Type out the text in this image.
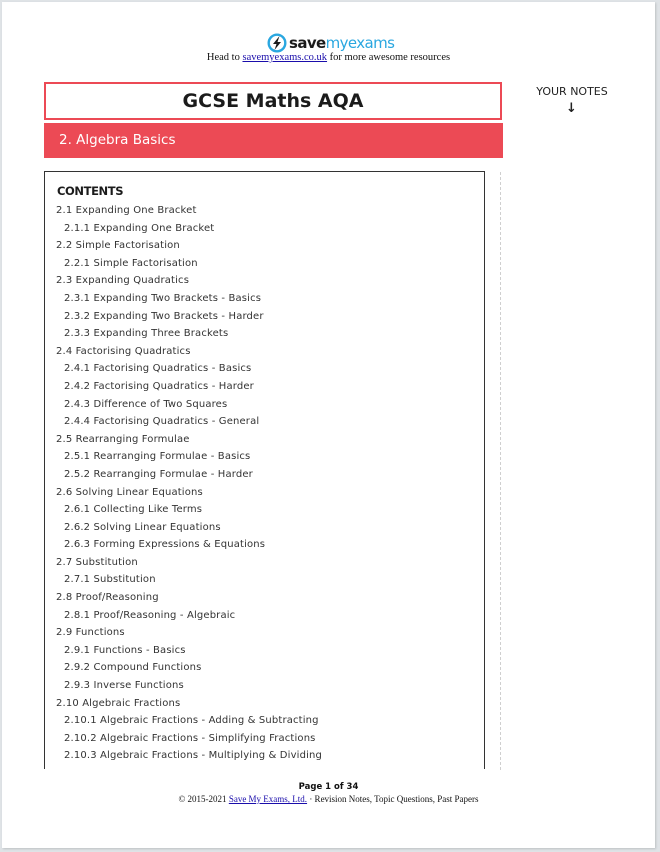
savemyexams
Head to savemyexams.co.uk for more awesome resources
GCSE Maths AQA
2. Algebra Basics
YOUR NOTES
↓
CONTENTS
2.1 Expanding One Bracket
2.1.1 Expanding One Bracket
2.2 Simple Factorisation
2.2.1 Simple Factorisation
2.3 Expanding Quadratics
2.3.1 Expanding Two Brackets - Basics
2.3.2 Expanding Two Brackets - Harder
2.3.3 Expanding Three Brackets
2.4 Factorising Quadratics
2.4.1 Factorising Quadratics - Basics
2.4.2 Factorising Quadratics - Harder
2.4.3 Difference of Two Squares
2.4.4 Factorising Quadratics - General
2.5 Rearranging Formulae
2.5.1 Rearranging Formulae - Basics
2.5.2 Rearranging Formulae - Harder
2.6 Solving Linear Equations
2.6.1 Collecting Like Terms
2.6.2 Solving Linear Equations
2.6.3 Forming Expressions & Equations
2.7 Substitution
2.7.1 Substitution
2.8 Proof/Reasoning
2.8.1 Proof/Reasoning - Algebraic
2.9 Functions
2.9.1 Functions - Basics
2.9.2 Compound Functions
2.9.3 Inverse Functions
2.10 Algebraic Fractions
2.10.1 Algebraic Fractions - Adding & Subtracting
2.10.2 Algebraic Fractions - Simplifying Fractions
2.10.3 Algebraic Fractions - Multiplying & Dividing
Page 1 of 34
© 2015-2021 Save My Exams, Ltd. · Revision Notes, Topic Questions, Past Papers
